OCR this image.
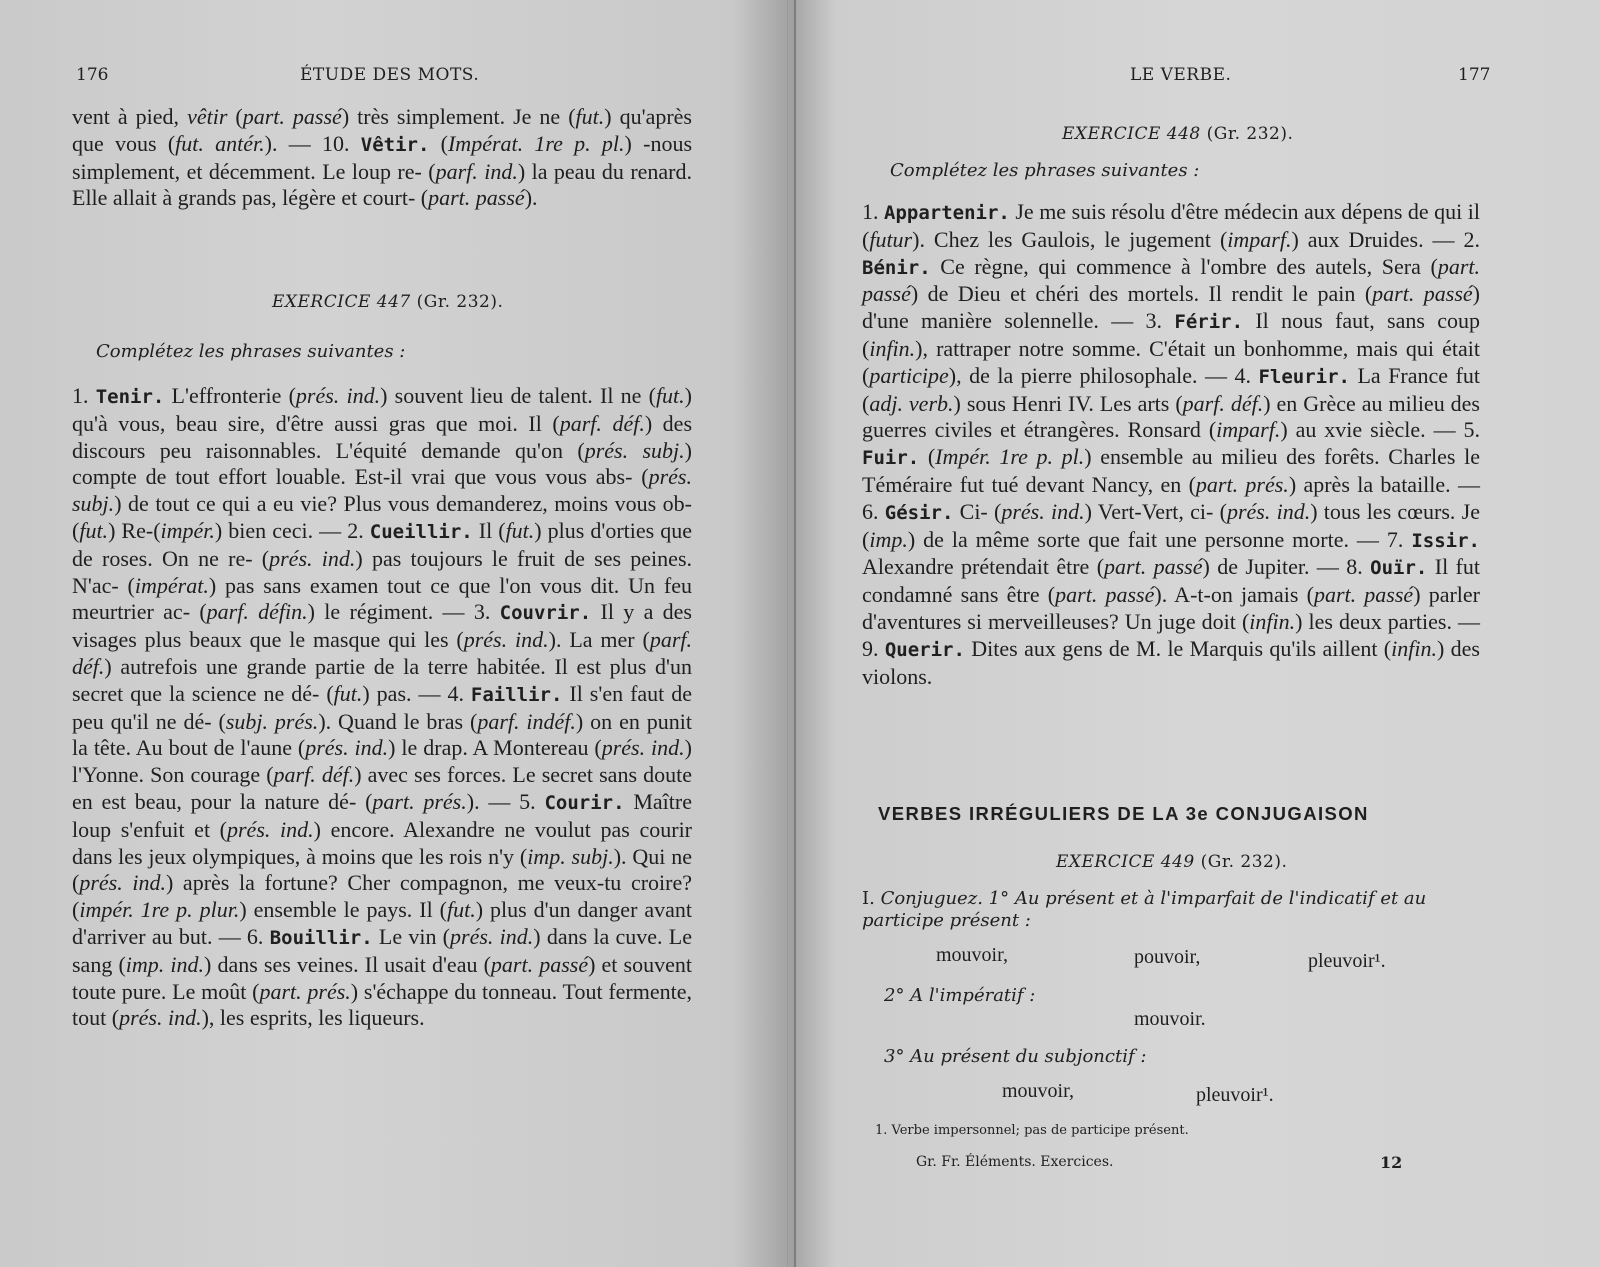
176	ÉTUDE DES MOTS.
vent à pied, vêtir (part. passé) très simplement. Je ne (fut.) qu'après que vous (fut. antér.). — 10. Vêtir. (Impérat. 1re p. pl.) -nous simplement, et décemment. Le loup re- (parf. ind.) la peau du renard. Elle allait à grands pas, légère et court- (part. passé).
EXERCICE 447 (Gr. 232).
Complétez les phrases suivantes :
1. Tenir. L'effronterie (prés. ind.) souvent lieu de talent. Il ne (fut.) qu'à vous, beau sire, d'être aussi gras que moi. Il (parf. déf.) des discours peu raisonnables. L'équité demande qu'on (prés. subj.) compte de tout effort louable. Est-il vrai que vous vous abs- (prés. subj.) de tout ce qui a eu vie? Plus vous demanderez, moins vous ob- (fut.) Re-(impér.) bien ceci. — 2. Cueillir. Il (fut.) plus d'orties que de roses. On ne re- (prés. ind.) pas toujours le fruit de ses peines. N'ac- (impérat.) pas sans examen tout ce que l'on vous dit. Un feu meurtrier ac- (parf. défin.) le régiment. — 3. Couvrir. Il y a des visages plus beaux que le masque qui les (prés. ind.). La mer (parf. déf.) autrefois une grande partie de la terre habitée. Il est plus d'un secret que la science ne dé- (fut.) pas. — 4. Faillir. Il s'en faut de peu qu'il ne dé- (subj. prés.). Quand le bras (parf. indéf.) on en punit la tête. Au bout de l'aune (prés. ind.) le drap. A Montereau (prés. ind.) l'Yonne. Son courage (parf. déf.) avec ses forces. Le secret sans doute en est beau, pour la nature dé- (part. prés.). — 5. Courir. Maître loup s'enfuit et (prés. ind.) encore. Alexandre ne voulut pas courir dans les jeux olympiques, à moins que les rois n'y (imp. subj.). Qui ne (prés. ind.) après la fortune? Cher compagnon, me veux-tu croire? (impér. 1re p. plur.) ensemble le pays. Il (fut.) plus d'un danger avant d'arriver au but. — 6. Bouillir. Le vin (prés. ind.) dans la cuve. Le sang (imp. ind.) dans ses veines. Il usait d'eau (part. passé) et souvent toute pure. Le moût (part. prés.) s'échappe du tonneau. Tout fermente, tout (prés. ind.), les esprits, les liqueurs.
LE VERBE.	177
EXERCICE 448 (Gr. 232).
Complétez les phrases suivantes :
1. Appartenir. Je me suis résolu d'être médecin aux dépens de qui il (futur). Chez les Gaulois, le jugement (imparf.) aux Druides. — 2. Bénir. Ce règne, qui commence à l'ombre des autels, Sera (part. passé) de Dieu et chéri des mortels. Il rendit le pain (part. passé) d'une manière solennelle. — 3. Férir. Il nous faut, sans coup (infin.), rattraper notre somme. C'était un bonhomme, mais qui était (participe), de la pierre philosophale. — 4. Fleurir. La France fut (adj. verb.) sous Henri IV. Les arts (parf. déf.) en Grèce au milieu des guerres civiles et étrangères. Ronsard (imparf.) au xvie siècle. — 5. Fuir. (Impér. 1re p. pl.) ensemble au milieu des forêts. Charles le Téméraire fut tué devant Nancy, en (part. prés.) après la bataille. — 6. Gésir. Ci- (prés. ind.) Vert-Vert, ci- (prés. ind.) tous les cœurs. Je (imp.) de la même sorte que fait une personne morte. — 7. Issir. Alexandre prétendait être (part. passé) de Jupiter. — 8. Ouïr. Il fut condamné sans être (part. passé). A-t-on jamais (part. passé) parler d'aventures si merveilleuses? Un juge doit (infin.) les deux parties. — 9. Querir. Dites aux gens de M. le Marquis qu'ils aillent (infin.) des violons.
VERBES IRRÉGULIERS DE LA 3e CONJUGAISON
EXERCICE 449 (Gr. 232).
I. Conjuguez. 1° Au présent et à l'imparfait de l'indicatif et au participe présent :
mouvoir,	pouvoir,	pleuvoir¹.
2° A l'impératif :
mouvoir.
3° Au présent du subjonctif :
mouvoir,	pleuvoir¹.
1. Verbe impersonnel; pas de participe présent.
Gr. Fr. Éléments. Exercices.	12
